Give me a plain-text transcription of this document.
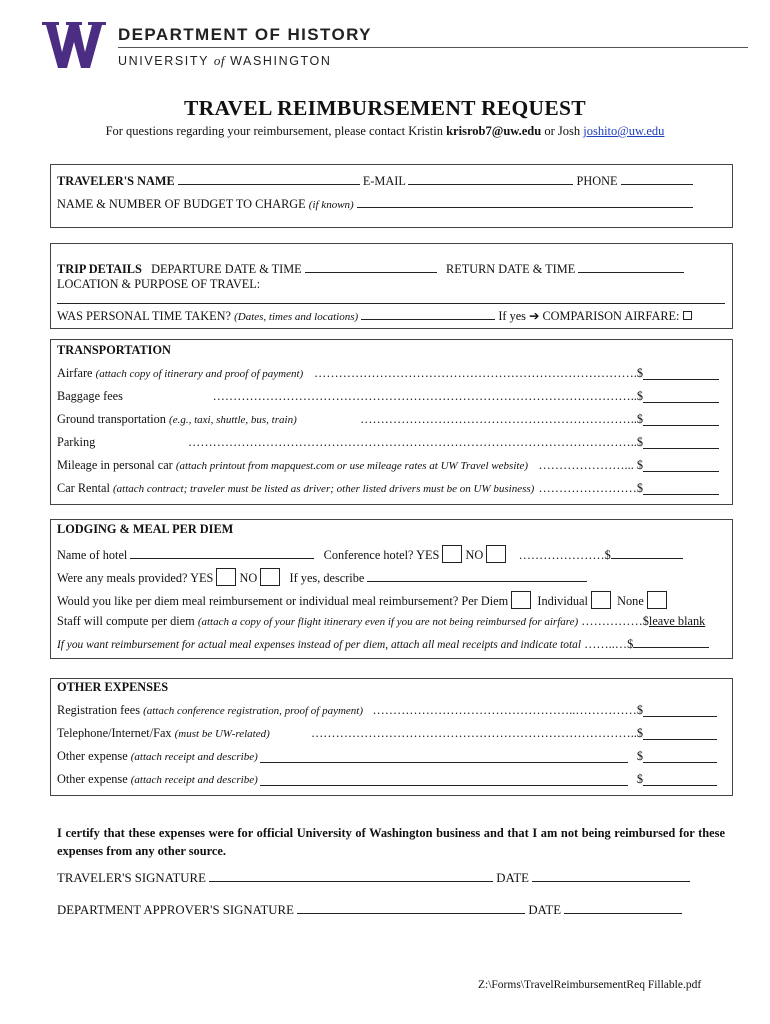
DEPARTMENT OF HISTORY
UNIVERSITY of WASHINGTON
TRAVEL REIMBURSEMENT REQUEST
For questions regarding your reimbursement, please contact Kristin krisrob7@uw.edu or Josh joshito@uw.edu
TRAVELER'S NAME	E-MAIL	PHONE
NAME & NUMBER OF BUDGET TO CHARGE (if known)
TRIP DETAILS DEPARTURE DATE & TIME	RETURN DATE & TIME
LOCATION & PURPOSE OF TRAVEL:
WAS PERSONAL TIME TAKEN? (Dates, times and locations)	If yes ➔ COMPARISON AIRFARE:
TRANSPORTATION
Airfare (attach copy of itinerary and proof of payment) …………………………………………………………………….$
Baggage fees	…………………………………………………………………………………………..$
Ground transportation (e.g., taxi, shuttle, bus, train)	…………………………………………………………..$
Parking	………………………………………………………………………………………………..$
Mileage in personal car (attach printout from mapquest.com or use mileage rates at UW Travel website) …………………... $
Car Rental (attach contract; traveler must be listed as driver; other listed drivers must be on UW business) ……………………$
LODGING & MEAL PER DIEM
Name of hotel	Conference hotel? YES NO	…………………$
Were any meals provided? YES NO	If yes, describe
Would you like per diem meal reimbursement or individual meal reimbursement? Per Diem Individual None
Staff will compute per diem (attach a copy of your flight itinerary even if you are not being reimbursed for airfare) ……………$leave blank
If you want reimbursement for actual meal expenses instead of per diem, attach all meal receipts and indicate total ……..…$
OTHER EXPENSES
Registration fees (attach conference registration, proof of payment) …………………………………………..……………$
Telephone/Internet/Fax (must be UW-related)	……………………………………………………………………..$
Other expense (attach receipt and describe)	$
Other expense (attach receipt and describe)	$
I certify that these expenses were for official University of Washington business and that I am not being reimbursed for these expenses from any other source.
TRAVELER'S SIGNATURE	DATE
DEPARTMENT APPROVER'S SIGNATURE	DATE
Z:\Forms\TravelReimbursementReq Fillable.pdf
